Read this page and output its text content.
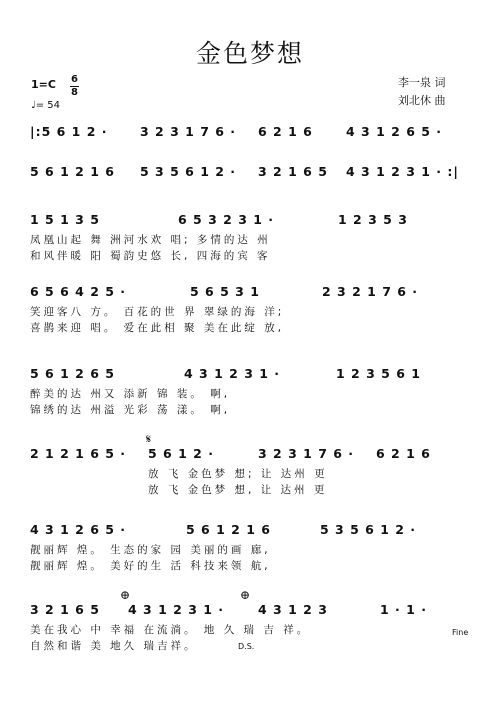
金色梦想
1=C 6
8
♩= 54
李一泉 词
刘北休 曲
|:5 6 1 2 ·	3 2 3 1 7 6 · 6 2 1 6	4 3 1 2 6 5 ·
5 6 1 2 1 6 5 3 5 6 1 2 · 3 2 1 6 5 4 3 1 2 3 1 · :|
1 5 1 3 5	6 5 3 2 3 1 ·	1 2 3 5 3
凤凰山起 舞 洲河水欢 唱; 多情的达 州
和风伴暖 阳 蜀韵史悠 长, 四海的宾 客
6 5 6 4 2 5 ·	5 6 5 3 1	2 3 2 1 7 6 ·
笑迎客八 方。 百花的世 界 翠绿的海 洋;
喜鹊来迎 唱。 爱在此相 聚 美在此绽 放,
5 6 1 2 6 5	4 3 1 2 3 1 ·	1 2 3 5 6 1
醉美的达 州又 添新 锦 装。 啊,
锦绣的达 州溢 光彩 荡 漾。 啊,
𝄋
2 1 2 1 6 5 · 5 6 1 2 ·	3 2 3 1 7 6 · 6 2 1 6
放 飞 金色梦 想; 让 达州 更
放 飞 金色梦 想, 让 达州 更
4 3 1 2 6 5 ·	5 6 1 2 1 6	5 3 5 6 1 2 ·
靓丽辉 煌。 生态的家 园 美丽的画 廊,
靓丽辉 煌。 美好的生 活 科技来领 航,
⊕	⊕
3 2 1 6 5 4 3 1 2 3 1 ·	4 3 1 2 3	1 · 1 ·
美在我心 中 幸福 在流淌。 地 久 瑞 吉 祥。
自然和谐 美 地久 瑞吉祥。	D.S.
Fine
